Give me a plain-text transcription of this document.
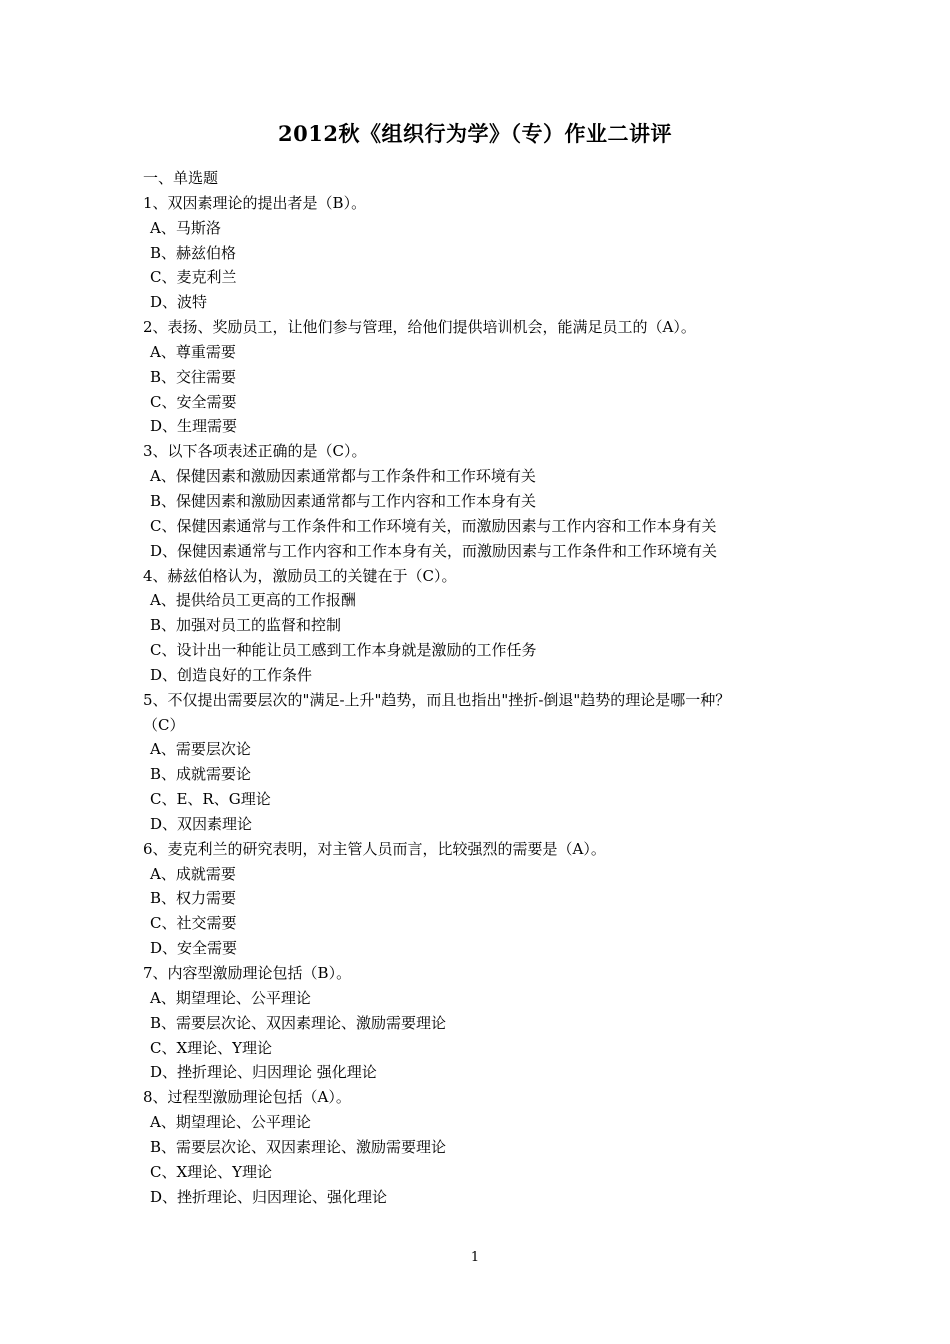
2012秋《组织行为学》（专）作业二讲评
一、单选题
1、双因素理论的提出者是（B）。
A、马斯洛
B、赫兹伯格
C、麦克利兰
D、波特
2、表扬、奖励员工，让他们参与管理，给他们提供培训机会，能满足员工的（A）。
A、尊重需要
B、交往需要
C、安全需要
D、生理需要
3、以下各项表述正确的是（C）。
A、保健因素和激励因素通常都与工作条件和工作环境有关
B、保健因素和激励因素通常都与工作内容和工作本身有关
C、保健因素通常与工作条件和工作环境有关，而激励因素与工作内容和工作本身有关
D、保健因素通常与工作内容和工作本身有关，而激励因素与工作条件和工作环境有关
4、赫兹伯格认为，激励员工的关键在于（C）。
A、提供给员工更高的工作报酬
B、加强对员工的监督和控制
C、设计出一种能让员工感到工作本身就是激励的工作任务
D、创造良好的工作条件
5、不仅提出需要层次的"满足-上升"趋势，而且也指出"挫折-倒退"趋势的理论是哪一种？
（C）
A、需要层次论
B、成就需要论
C、E、R、G理论
D、双因素理论
6、麦克利兰的研究表明，对主管人员而言，比较强烈的需要是（A）。
A、成就需要
B、权力需要
C、社交需要
D、安全需要
7、内容型激励理论包括（B）。
A、期望理论、公平理论
B、需要层次论、双因素理论、激励需要理论
C、X理论、Y理论
D、挫折理论、归因理论 强化理论
8、过程型激励理论包括（A）。
A、期望理论、公平理论
B、需要层次论、双因素理论、激励需要理论
C、X理论、Y理论
D、挫折理论、归因理论、强化理论
1
